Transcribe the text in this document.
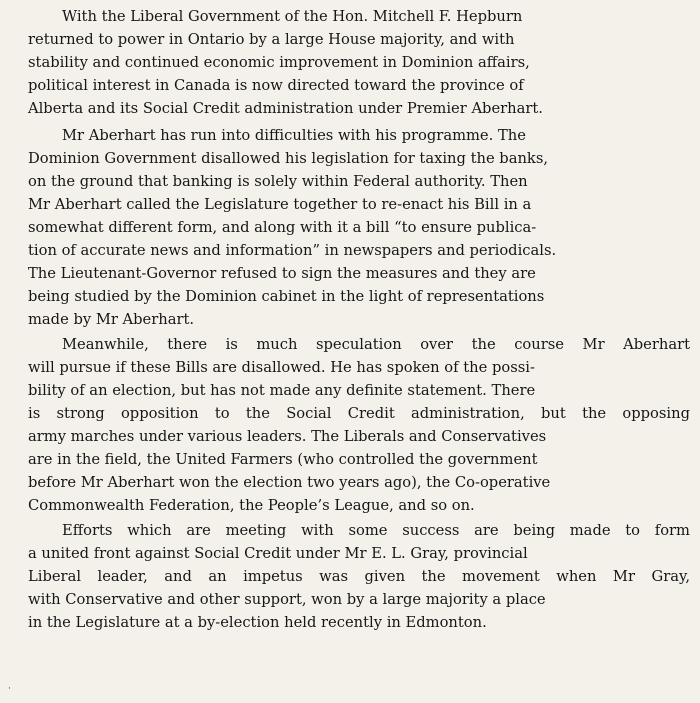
With the Liberal Government of the Hon. Mitchell F. Hepburn

returned to power in Ontario by a large House majority, and with
stability and continued economic improvement in Dominion affairs,
political interest in Canada is now directed toward the province of
Alberta and its Social Credit administration under Premier Aberhart.

Mr Aberhart has run into difficulties with his programme. The

Dominion Government disallowed his legislation for taxing the banks,
on the ground that banking is solely within Federal authority. Then
Mr Aberhart called the Legislature together to re-enact his Bill in a
somewhat different form, and along with it a bill “to ensure publica-
tion of accurate news and information” in newspapers and periodicals.
The Lieutenant-Governor refused to sign the measures and they are
being studied by the Dominion cabinet in the light of representations
made by Mr Aberhart.

Meanwhile, there is much speculation over the course Mr Aberhart

will pursue if these Bills are disallowed. He has spoken of the possi-
bility of an election, but has not made any definite statement. There
is strong opposition to the Social Credit administration, but the opposing
army marches under various leaders. The Liberals and Conservatives
are in the field, the United Farmers (who controlled the government
before Mr Aberhart won the election two years ago), the Co-operative
Commonwealth Federation, the People’s League, and so on.

Efforts which are meeting with some success are being made to form

a united front against Social Credit under Mr E. L. Gray, provincial
Liberal leader, and an impetus was given the movement when Mr Gray,
with Conservative and other support, won by a large majority a place
in the Legislature at a by-election held recently in Edmonton.

·
